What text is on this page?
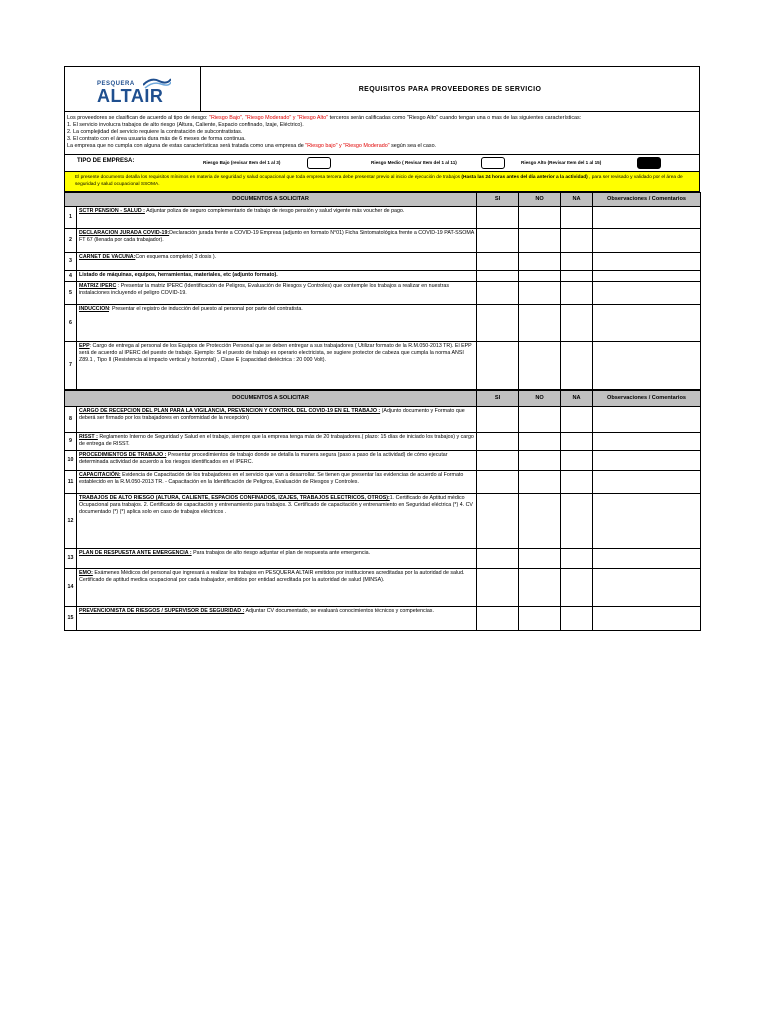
PESQUERA
ALTAIR	REQUISITOS PARA PROVEEDORES DE SERVICIO
Los proveedores se clasifican de acuerdo al tipo de riesgo: "Riesgo Bajo", "Riesgo Moderado" y "Riesgo Alto" terceros serán calificadas como "Riesgo Alto" cuando tengan una o mas de las siguientes características:
1. El servicio involucra trabajos de alto riesgo (Altura, Caliente, Espacio confinado, Izaje, Eléctrico).
2. La complejidad del servicio requiere la contratación de subcontratistas.
3. El contrato con el área usuaria dura más de 6 meses de forma continua.
La empresa que no cumpla con alguna de estas características será tratada como una empresa de "Riesgo bajo" y "Riesgo Moderado" según sea el caso.
TIPO DE EMPRESA:	Riesgo Bajo (revisar Item del 1 al 3)	Riesgo Medio ( Revisar Item del 1 al 11)	Riesgo Alto (Revisar Item del 1 al 15)
El presente documento detalla los requisitos mínimos en materia de seguridad y salud ocupacional que toda empresa tercera debe presentar previo al inicio de ejecución de trabajos (Hasta las 24 horas antes del día anterior a la actividad) , para ser revisado y validado por el área de seguridad y salud ocupacional SSOMA.
DOCUMENTOS A SOLICITAR		SI	NO	NA	Observaciones / Comentarios
1	SCTR PENSION - SALUD : Adjuntar poliza de seguro complementario de trabajo de riesgo pensión y salud vigente más voucher de pago.				
2	DECLARACION JURADA COVID-19:Declaración jurada frente a COVID-19 Empresa (adjunto en formato N°01) Ficha Sintomatológica frente a COVID-19 PAT-SSOMA FT 67 (llenada por cada trabajador).				
3	CARNET DE VACUNA:Con esquema completo( 3 dosis ).				
4	Listado de máquinas, equipos, herramientas, materiales, etc (adjunto formato).				
5	MATRIZ IPERC : Presentar la matriz IPERC (Identificación de Peligros, Evaluación de Riesgos y Controles) que contemple los trabajos a realizar en nuestras instalaciones incluyendo el peligro COVID-19.				
6	INDUCCION: Presentar el registro de inducción del puesto al personal por parte del contratista.				
7	EPP: Cargo de entrega al personal de los Equipos de Protección Personal que se deben entregar a sus trabajadores ( Utilizar formato de la R.M.050-2013 TR). El EPP será de acuerdo al IPERC del puesto de trabajo. Ejemplo: Si el puesto de trabajo es operario electricista, se sugiere protector de cabeza que cumpla la norma ANSI Z89.1 , Tipo II (Resistencia al impacto vertical y horizontal) , Clase E (capacidad dieléctrica : 20 000 Volt).				
DOCUMENTOS A SOLICITAR		SI	NO	NA	Observaciones / Comentarios
8	CARGO DE RECEPCION DEL PLAN PARA LA VIGILANCIA, PREVENCION Y CONTROL DEL COVID-19 EN EL TRABAJO : (Adjunto documento y Formato que deberá ser firmado por los trabajadores en conformidad de la recepción)				
9	RISST : Reglamento Interno de Seguridad y Salud en el trabajo, siempre que la empresa tenga más de 20 trabajadores.( plazo: 15 días de iniciado los trabajos) y cargo de entrega de RISST.				
10	PROCEDIMIENTOS DE TRABAJO : Presentar procedimientos de trabajo donde se detalla la manera segura (paso a paso de la actividad) de cómo ejecutar determinada actividad de acuerdo a los riesgos identificados en el IPERC.				
11	CAPACITACIÓN: Evidencia de Capacitación de los trabajadores en el servicio que van a desarrollar. Se tienen que presentar las evidencias de acuerdo al Formato establecido en la R.M.050-2013 TR. - Capacitación en la Identificación de Peligros, Evaluación de Riesgos y Controles.				
12	TRABAJOS DE ALTO RIESGO (ALTURA, CALIENTE, ESPACIOS CONFINADOS, IZAJES, TRABAJOS ELECTRICOS, OTROS):1. Certificado de Aptitud médico Ocupacional para trabajos. 2. Certificado de capacitación y entrenamiento para trabajos. 3. Certificado de capacitación y entrenamiento en Seguridad eléctrica (*) 4. CV documentado (*) (*) aplica solo en caso de trabajos eléctricos .				
13	PLAN DE RESPUESTA ANTE EMERGENCIA : Para trabajos de alto riesgo adjuntar el plan de respuesta ante emergencia.				
14	EMO: Exámenes Médicos del personal que ingresará a realizar los trabajos en PESQUERA ALTAIR emitidos por instituciones acreditadas por la autoridad de salud. Certificado de aptitud medica ocupacional por cada trabajador, emitidos por entidad acreditada por la autoridad de salud (MINSA).				
15	PREVENCIONISTA DE RIESGOS / SUPERVISOR DE SEGURIDAD : Adjuntar CV documentado, se evaluará conocimientos técnicos y competencias.				
